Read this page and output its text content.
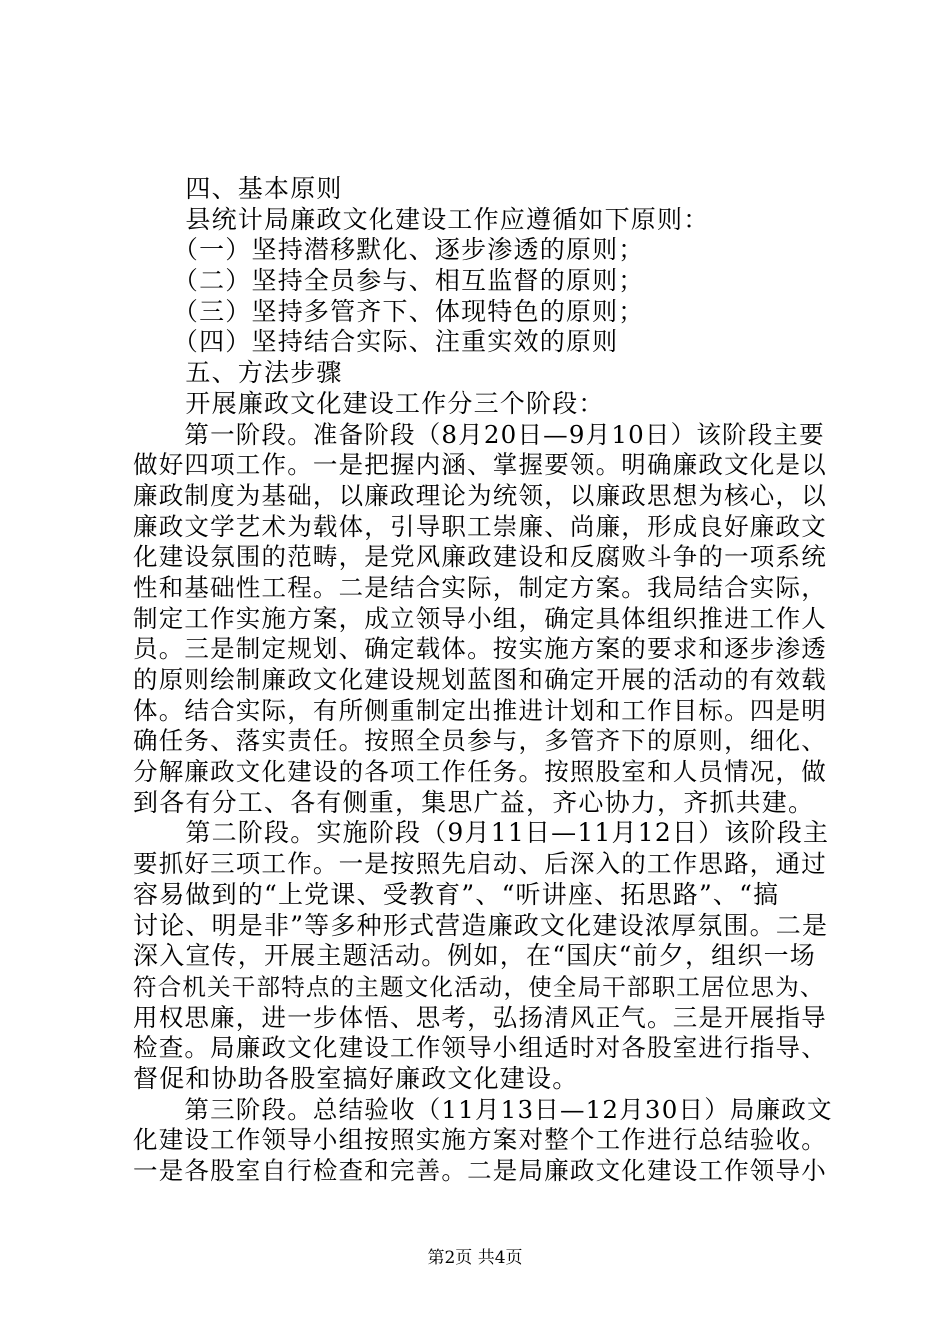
　　四、基本原则
　　县统计局廉政文化建设工作应遵循如下原则：
　　（一）坚持潜移默化、逐步渗透的原则；
　　（二）坚持全员参与、相互监督的原则；
　　（三）坚持多管齐下、体现特色的原则；
　　（四）坚持结合实际、注重实效的原则
　　五、方法步骤
　　开展廉政文化建设工作分三个阶段：
　　第一阶段。准备阶段（8月20日—9月10日）该阶段主要
做好四项工作。一是把握内涵、掌握要领。明确廉政文化是以
廉政制度为基础，以廉政理论为统领，以廉政思想为核心，以
廉政文学艺术为载体，引导职工崇廉、尚廉，形成良好廉政文
化建设氛围的范畴，是党风廉政建设和反腐败斗争的一项系统
性和基础性工程。二是结合实际，制定方案。我局结合实际，
制定工作实施方案，成立领导小组，确定具体组织推进工作人
员。三是制定规划、确定载体。按实施方案的要求和逐步渗透
的原则绘制廉政文化建设规划蓝图和确定开展的活动的有效载
体。结合实际，有所侧重制定出推进计划和工作目标。四是明
确任务、落实责任。按照全员参与，多管齐下的原则，细化、
分解廉政文化建设的各项工作任务。按照股室和人员情况，做
到各有分工、各有侧重，集思广益，齐心协力，齐抓共建。
　　第二阶段。实施阶段（9月11日—11月12日）该阶段主
要抓好三项工作。一是按照先启动、后深入的工作思路，通过
容易做到的“上党课、受教育”、“听讲座、拓思路”、“搞
讨论、明是非”等多种形式营造廉政文化建设浓厚氛围。二是
深入宣传，开展主题活动。例如，在“国庆“前夕，组织一场
符合机关干部特点的主题文化活动，使全局干部职工居位思为、
用权思廉，进一步体悟、思考，弘扬清风正气。三是开展指导
检查。局廉政文化建设工作领导小组适时对各股室进行指导、
督促和协助各股室搞好廉政文化建设。
　　第三阶段。总结验收（11月13日—12月30日）局廉政文
化建设工作领导小组按照实施方案对整个工作进行总结验收。
一是各股室自行检查和完善。二是局廉政文化建设工作领导小
第2页 共4页
